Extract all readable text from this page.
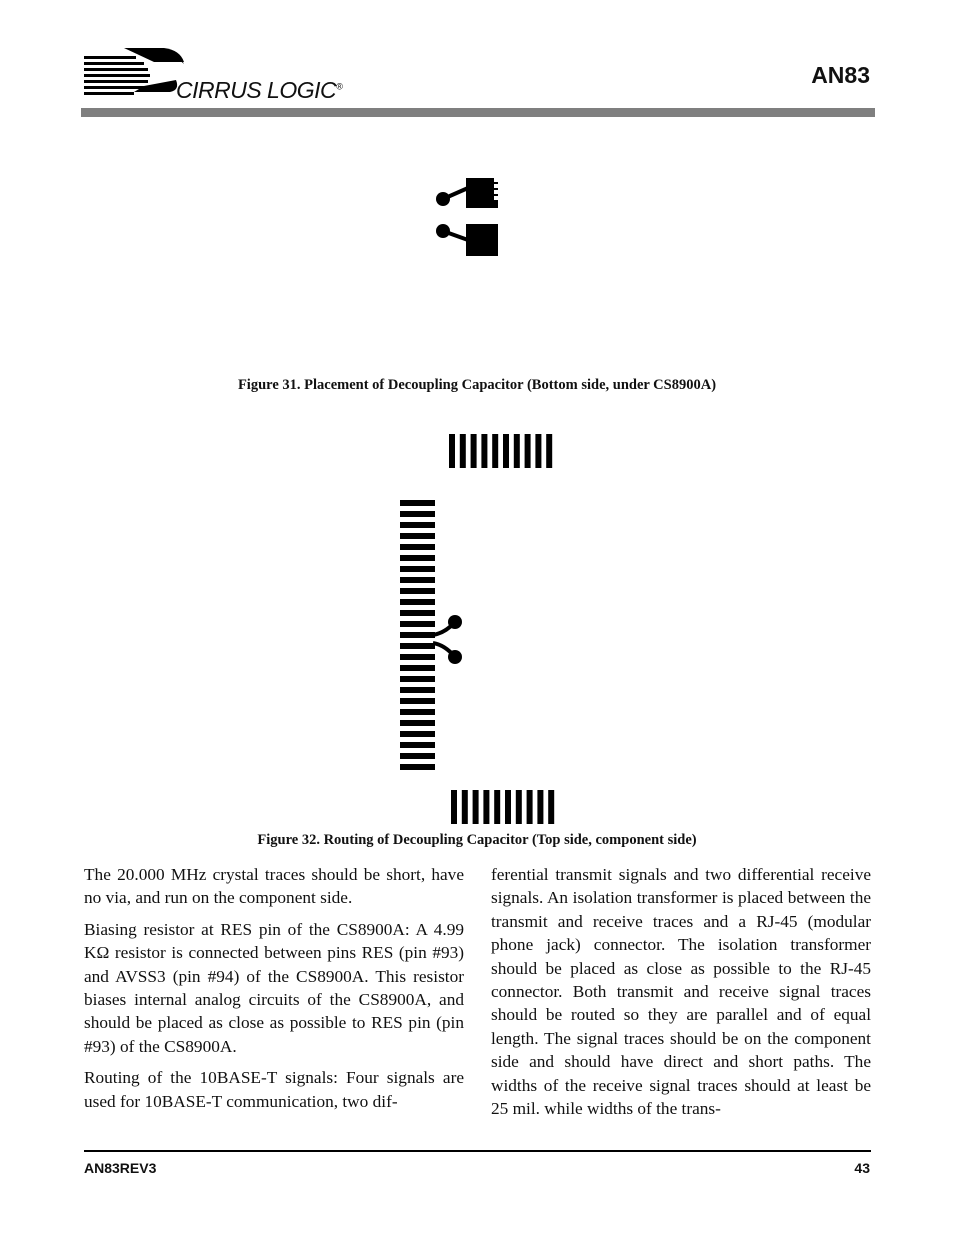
CIRRUS LOGIC®	AN83
Figure 31. Placement of Decoupling Capacitor (Bottom side, under CS8900A)
Figure 32. Routing of Decoupling Capacitor (Top side, component side)

The 20.000 MHz crystal traces should be short, have no via, and run on the component side.

Biasing resistor at RES pin of the CS8900A: A 4.99 KΩ resistor is connected between pins RES (pin #93) and AVSS3 (pin #94) of the CS8900A. This resistor biases internal analog circuits of the CS8900A, and should be placed as close as possible to RES pin (pin #93) of the CS8900A.

Routing of the 10BASE-T signals: Four signals are used for 10BASE-T communication, two dif-

ferential transmit signals and two differential receive signals. An isolation transformer is placed between the transmit and receive traces and a RJ-45 (modular phone jack) connector. The isolation transformer should be placed as close as possible to the RJ-45 connector. Both transmit and receive signal traces should be routed so they are parallel and of equal length. The signal traces should be on the component side and should have direct and short paths. The widths of the receive signal traces should at least be 25 mil. while widths of the trans-

AN83REV3	43
